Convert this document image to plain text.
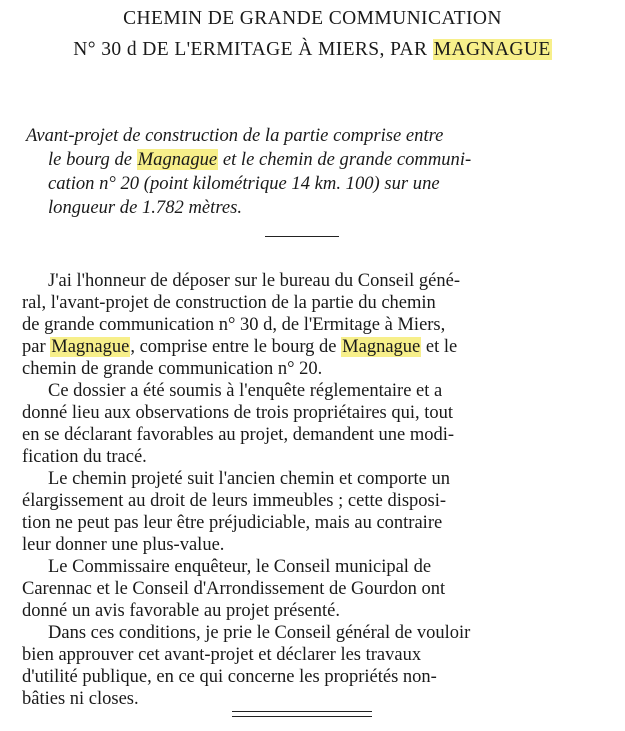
CHEMIN DE GRANDE COMMUNICATION
N° 30 d DE L'ERMITAGE À MIERS, PAR MAGNAGUE
Avant-projet de construction de la partie comprise entre
le bourg de Magnague et le chemin de grande communi-
cation n° 20 (point kilométrique 14 km. 100) sur une
longueur de 1.782 mètres.
J'ai l'honneur de déposer sur le bureau du Conseil géné-
ral, l'avant-projet de construction de la partie du chemin
de grande communication n° 30 d, de l'Ermitage à Miers,
par Magnague, comprise entre le bourg de Magnague et le
chemin de grande communication n° 20.
Ce dossier a été soumis à l'enquête réglementaire et a
donné lieu aux observations de trois propriétaires qui, tout
en se déclarant favorables au projet, demandent une modi-
fication du tracé.
Le chemin projeté suit l'ancien chemin et comporte un
élargissement au droit de leurs immeubles ; cette disposi-
tion ne peut pas leur être préjudiciable, mais au contraire
leur donner une plus-value.
Le Commissaire enquêteur, le Conseil municipal de
Carennac et le Conseil d'Arrondissement de Gourdon ont
donné un avis favorable au projet présenté.
Dans ces conditions, je prie le Conseil général de vouloir
bien approuver cet avant-projet et déclarer les travaux
d'utilité publique, en ce qui concerne les propriétés non-
bâties ni closes.
